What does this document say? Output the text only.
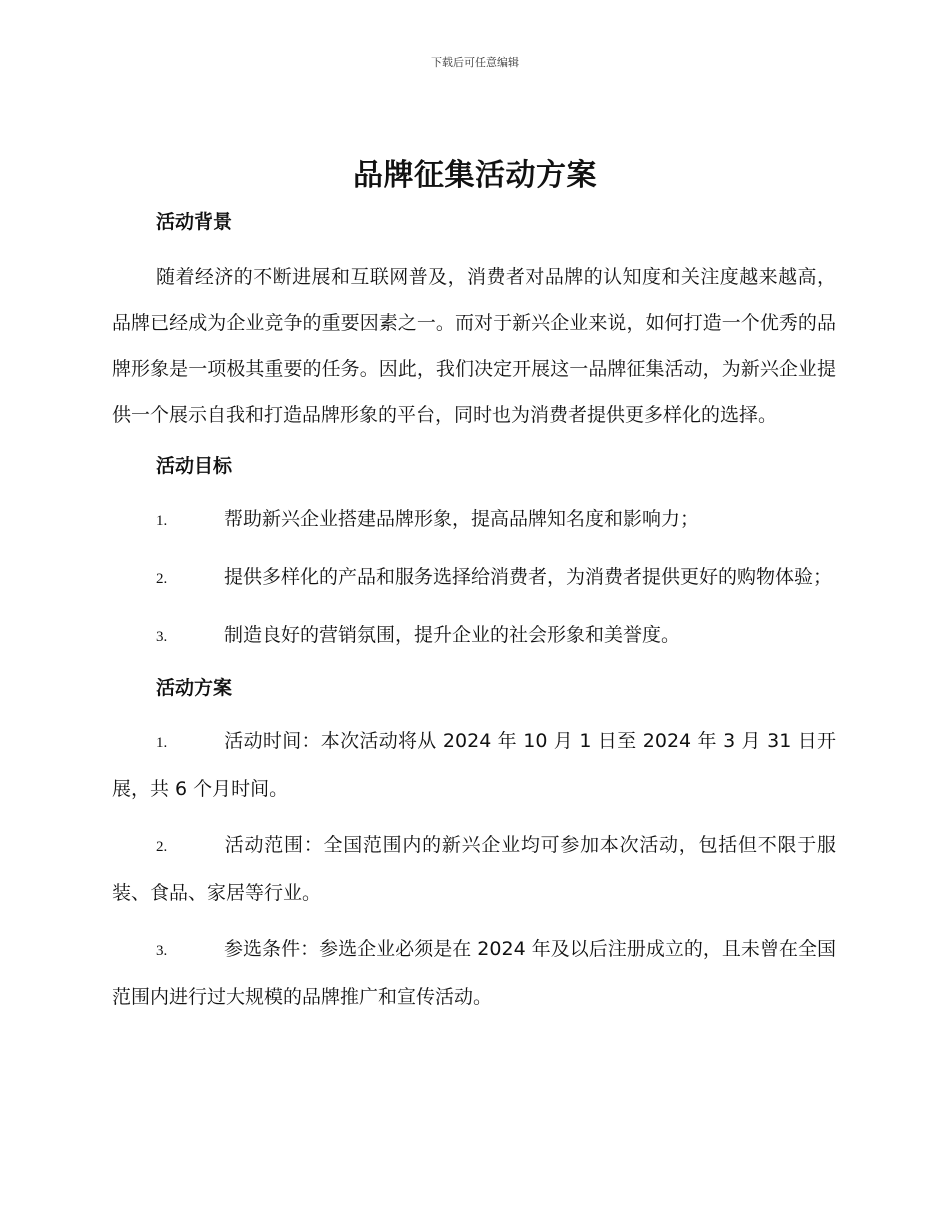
下载后可任意编辑
品牌征集活动方案
活动背景

随着经济的不断进展和互联网普及，消费者对品牌的认知度和关注度越来越高，品牌已经成为企业竞争的重要因素之一。而对于新兴企业来说，如何打造一个优秀的品牌形象是一项极其重要的任务。因此，我们决定开展这一品牌征集活动，为新兴企业提供一个展示自我和打造品牌形象的平台，同时也为消费者提供更多样化的选择。

活动目标
1.	帮助新兴企业搭建品牌形象，提高品牌知名度和影响力；
2.	提供多样化的产品和服务选择给消费者，为消费者提供更好的购物体验；
3.	制造良好的营销氛围，提升企业的社会形象和美誉度。
活动方案
1.	活动时间：本次活动将从 2024 年 10 月 1 日至 2024 年 3 月 31 日开展，共 6 个月时间。
2.	活动范围：全国范围内的新兴企业均可参加本次活动，包括但不限于服装、食品、家居等行业。
3.	参选条件：参选企业必须是在 2024 年及以后注册成立的，且未曾在全国范围内进行过大规模的品牌推广和宣传活动。
